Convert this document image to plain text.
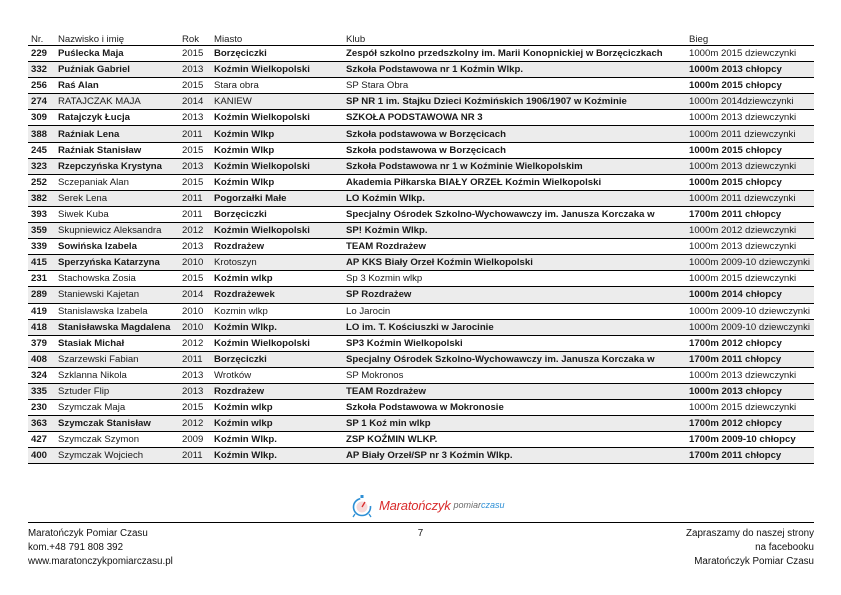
Nr.	Nazwisko i imię	Rok	Miasto	Klub	Bieg
229	Puślecka Maja	2015	Borzęciczki	Zespół szkolno przedszkolny im. Marii Konopnickiej w Borzęciczkach	1000m 2015 dziewczynki
332	Puźniak Gabriel	2013	Koźmin Wielkopolski	Szkoła Podstawowa nr 1 Koźmin Wlkp.	1000m 2013 chłopcy
256	Raś Alan	2015	Stara obra	SP Stara Obra	1000m 2015 chłopcy
274	RATAJCZAK MAJA	2014	KANIEW	SP NR 1 im. Stajku Dzieci Koźmińskich 1906/1907 w Koźminie	1000m 2014dziewczynki
309	Ratajczyk Łucja	2013	Koźmin Wielkopolski	SZKOŁA PODSTAWOWA NR 3	1000m 2013 dziewczynki
388	Raźniak Lena	2011	Koźmin Wlkp	Szkoła podstawowa w Borzęcicach	1000m 2011 dziewczynki
245	Raźniak Stanisław	2015	Koźmin Wlkp	Szkoła podstawowa w Borzęcicach	1000m 2015 chłopcy
323	Rzepczyńska Krystyna	2013	Koźmin Wielkopolski	Szkoła Podstawowa nr 1 w Koźminie Wielkopolskim	1000m 2013 dziewczynki
252	Sczepaniak Alan	2015	Koźmin Wlkp	Akademia Piłkarska BIAŁY ORZEŁ Koźmin Wielkopolski	1000m 2015 chłopcy
382	Serek Lena	2011	Pogorzałki Małe	LO Koźmin Wlkp.	1000m 2011 dziewczynki
393	Siwek Kuba	2011	Borzęciczki	Specjalny Ośrodek Szkolno-Wychowawczy im. Janusza Korczaka w	1700m 2011 chłopcy
359	Skupniewicz Aleksandra	2012	Koźmin Wielkopolski	SP! Koźmin Wlkp.	1000m 2012 dziewczynki
339	Sowińska Izabela	2013	Rozdrażew	TEAM Rozdrażew	1000m 2013 dziewczynki
415	Sperzyńska Katarzyna	2010	Krotoszyn	AP KKS Biały Orzeł Koźmin Wielkopolski	1000m 2009-10 dziewczynki
231	Stachowska Zosia	2015	Koźmin wlkp	Sp 3 Kozmin wlkp	1000m 2015 dziewczynki
289	Staniewski Kajetan	2014	Rozdrażewek	SP Rozdrażew	1000m 2014 chłopcy
419	Stanislawska Izabela	2010	Kozmin wlkp	Lo Jarocin	1000m 2009-10 dziewczynki
418	Stanisławska Magdalena	2010	Koźmin Wlkp.	LO im. T. Kościuszki w Jarocinie	1000m 2009-10 dziewczynki
379	Stasiak Michał	2012	Koźmin Wielkopolski	SP3 Koźmin Wielkopolski	1700m 2012 chłopcy
408	Szarzewski Fabian	2011	Borzęciczki	Specjalny Ośrodek Szkolno-Wychowawczy im. Janusza Korczaka w	1700m 2011 chłopcy
324	Szklanna Nikola	2013	Wrotków	SP Mokronos	1000m 2013 dziewczynki
335	Sztuder Flip	2013	Rozdrażew	TEAM Rozdrażew	1000m 2013 chłopcy
230	Szymczak Maja	2015	Koźmin wlkp	Szkoła Podstawowa w Mokronosie	1000m 2015 dziewczynki
363	Szymczak Stanisław	2012	Koźmin wlkp	SP 1 Koź min wlkp	1700m 2012 chłopcy
427	Szymczak Szymon	2009	Koźmin Wlkp.	ZSP KOŹMIN WLKP.	1700m 2009-10 chłopcy
400	Szymczak Wojciech	2011	Koźmin Wlkp.	AP Biały Orzeł/SP nr 3 Koźmin Wlkp.	1700m 2011 chłopcy
Maratończyk pomiar czasu
Maratończyk Pomiar Czasu
kom.+48 791 808 392
www.maratonczykpomiarczasu.pl
7	Zapraszamy do naszej strony
na facebooku
Maratończyk Pomiar Czasu
